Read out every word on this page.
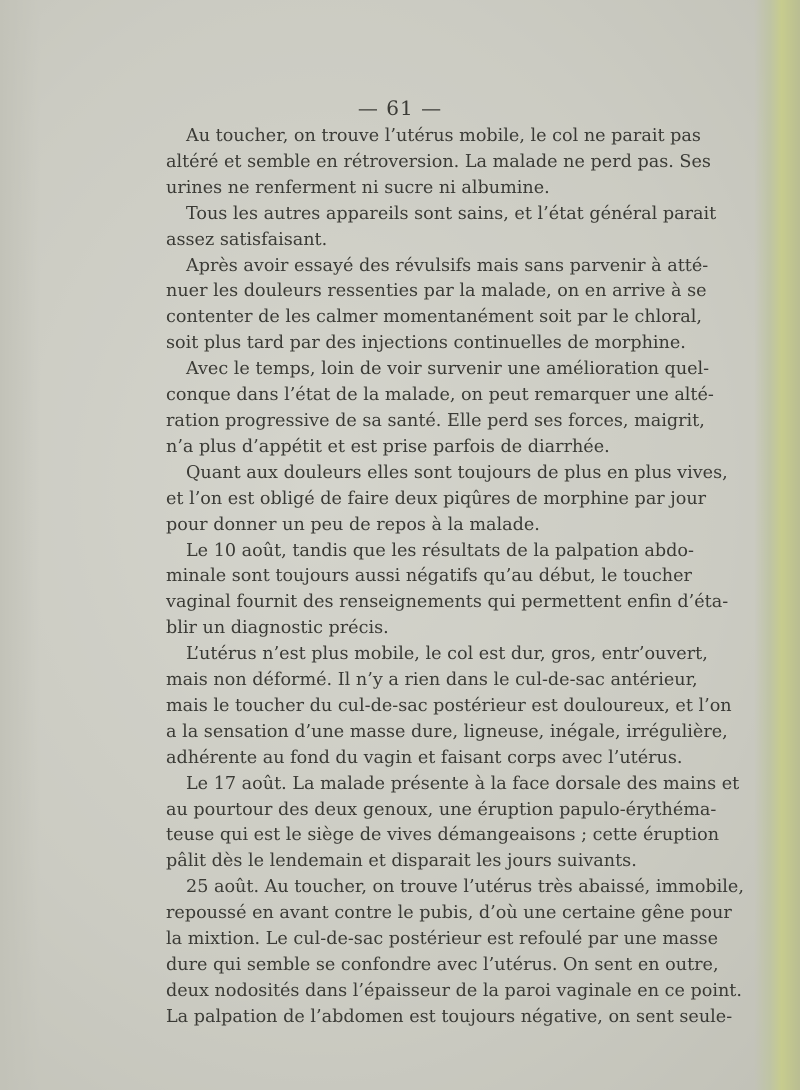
— 61 —
Au toucher, on trouve l’utérus mobile, le col ne parait pas
altéré et semble en rétroversion. La malade ne perd pas. Ses
urines ne renferment ni sucre ni albumine.
Tous les autres appareils sont sains, et l’état général parait
assez satisfaisant.
Après avoir essayé des révulsifs mais sans parvenir à atté-
nuer les douleurs ressenties par la malade, on en arrive à se
contenter de les calmer momentanément soit par le chloral,
soit plus tard par des injections continuelles de morphine.
Avec le temps, loin de voir survenir une amélioration quel-
conque dans l’état de la malade, on peut remarquer une alté-
ration progressive de sa santé. Elle perd ses forces, maigrit,
n’a plus d’appétit et est prise parfois de diarrhée.
Quant aux douleurs elles sont toujours de plus en plus vives,
et l’on est obligé de faire deux piqûres de morphine par jour
pour donner un peu de repos à la malade.
Le 10 août, tandis que les résultats de la palpation abdo-
minale sont toujours aussi négatifs qu’au début, le toucher
vaginal fournit des renseignements qui permettent enfin d’éta-
blir un diagnostic précis.
L’utérus n’est plus mobile, le col est dur, gros, entr’ouvert,
mais non déformé. Il n’y a rien dans le cul-de-sac antérieur,
mais le toucher du cul-de-sac postérieur est douloureux, et l’on
a la sensation d’une masse dure, ligneuse, inégale, irrégulière,
adhérente au fond du vagin et faisant corps avec l’utérus.
Le 17 août. La malade présente à la face dorsale des mains et
au pourtour des deux genoux, une éruption papulo-érythéma-
teuse qui est le siège de vives démangeaisons ; cette éruption
pâlit dès le lendemain et disparait les jours suivants.
25 août. Au toucher, on trouve l’utérus très abaissé, immobile,
repoussé en avant contre le pubis, d’où une certaine gêne pour
la mixtion. Le cul-de-sac postérieur est refoulé par une masse
dure qui semble se confondre avec l’utérus. On sent en outre,
deux nodosités dans l’épaisseur de la paroi vaginale en ce point.
La palpation de l’abdomen est toujours négative, on sent seule-
